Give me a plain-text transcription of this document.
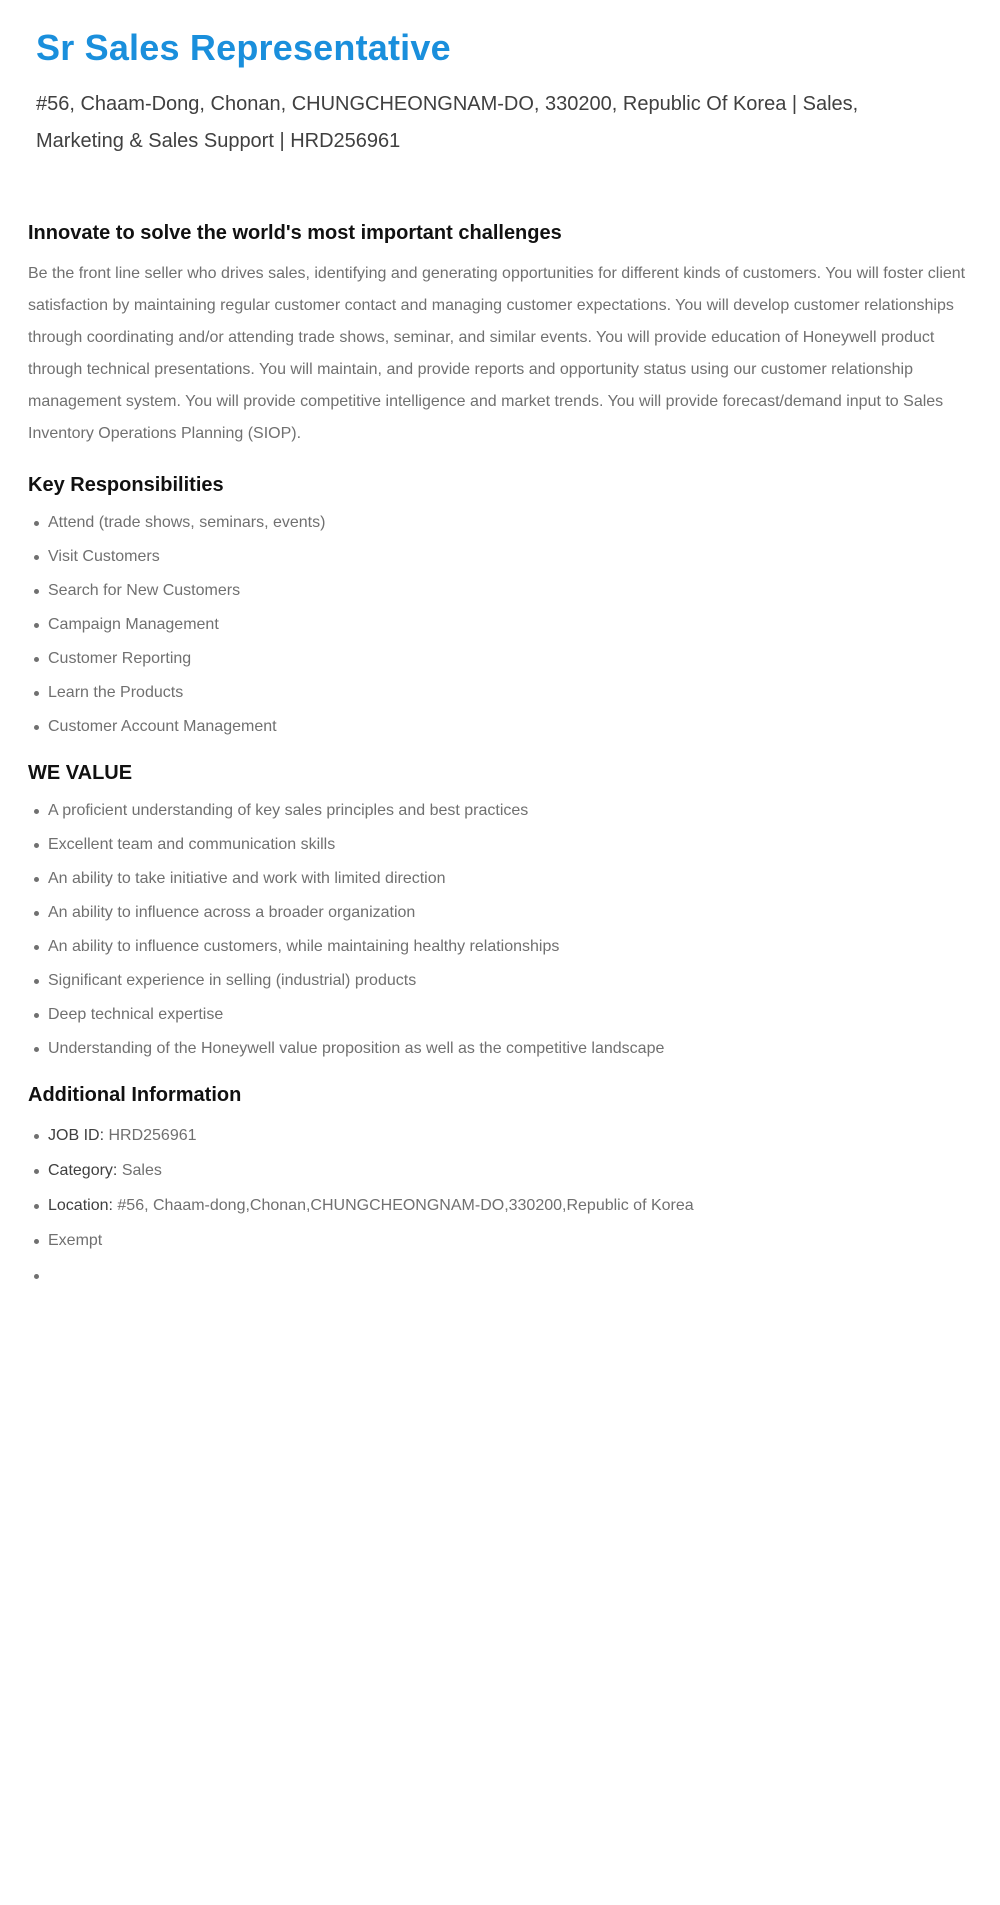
Sr Sales Representative

#56, Chaam-Dong, Chonan, CHUNGCHEONGNAM-DO, 330200, Republic Of Korea | Sales, Marketing & Sales Support | HRD256961

Innovate to solve the world's most important challenges

Be the front line seller who drives sales, identifying and generating opportunities for different kinds of customers. You will foster client satisfaction by maintaining regular customer contact and managing customer expectations. You will develop customer relationships through coordinating and/or attending trade shows, seminar, and similar events. You will provide education of Honeywell product through technical presentations. You will maintain, and provide reports and opportunity status using our customer relationship management system. You will provide competitive intelligence and market trends. You will provide forecast/demand input to Sales Inventory Operations Planning (SIOP).

Key Responsibilities
Attend (trade shows, seminars, events)
Visit Customers
Search for New Customers
Campaign Management
Customer Reporting
Learn the Products
Customer Account Management
WE VALUE
A proficient understanding of key sales principles and best practices
Excellent team and communication skills
An ability to take initiative and work with limited direction
An ability to influence across a broader organization
An ability to influence customers, while maintaining healthy relationships
Significant experience in selling (industrial) products
Deep technical expertise
Understanding of the Honeywell value proposition as well as the competitive landscape
Additional Information
JOB ID: HRD256961
Category: Sales
Location: #56, Chaam-dong,Chonan,CHUNGCHEONGNAM-DO,330200,Republic of Korea
Exempt
